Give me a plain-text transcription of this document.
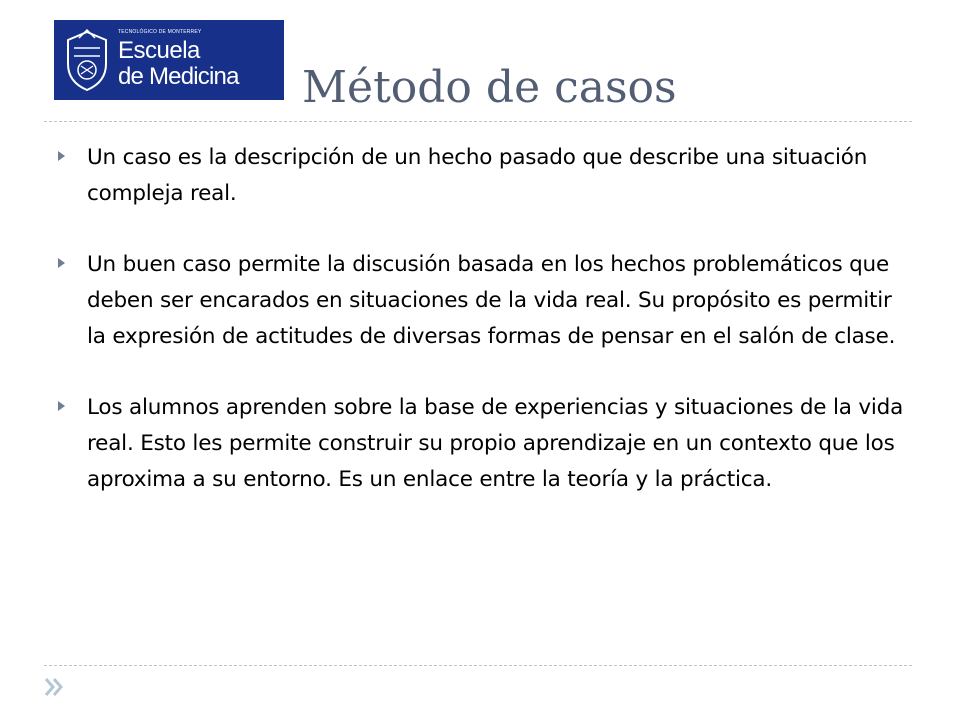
TECNOLÓGICO DE MONTERREY
Escuela
de Medicina Método de casos
Un caso es la descripción de un hecho pasado que describe una situación compleja real.
Un buen caso permite la discusión basada en los hechos problemáticos que deben ser encarados en situaciones de la vida real. Su propósito es permitir la expresión de actitudes de diversas formas de pensar en el salón de clase.
Los alumnos aprenden sobre la base de experiencias y situaciones de la vida real. Esto les permite construir su propio aprendizaje en un contexto que los aproxima a su entorno. Es un enlace entre la teoría y la práctica.
